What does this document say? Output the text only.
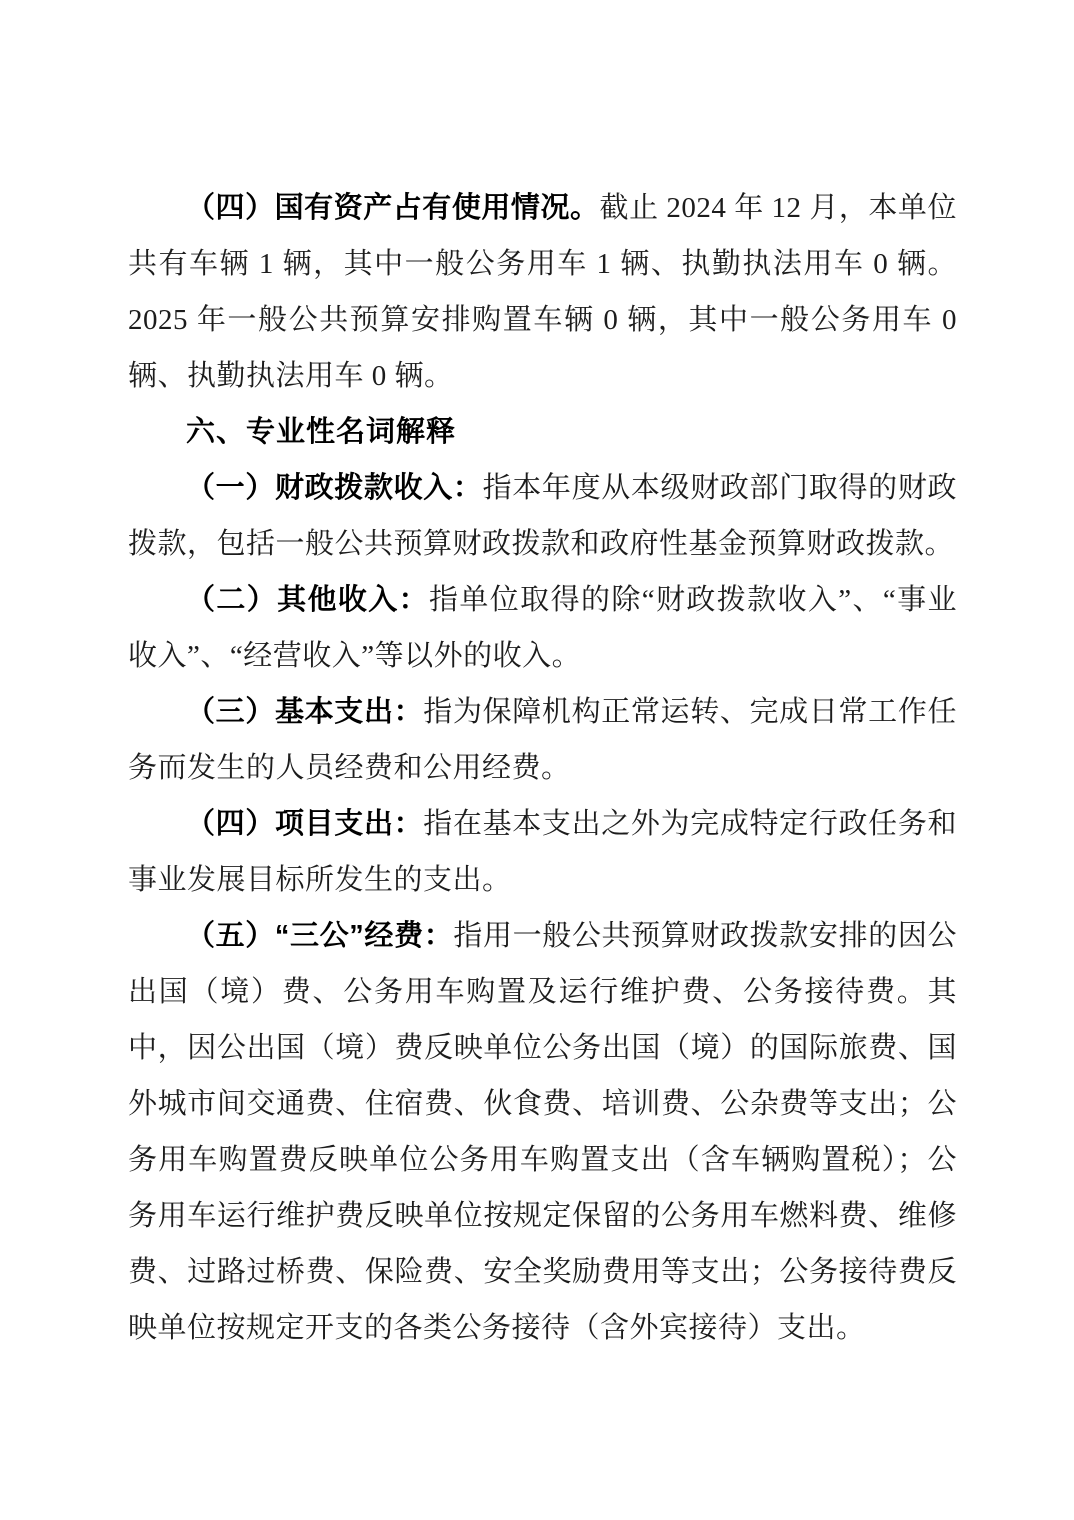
（四）国有资产占有使用情况。截止 2024 年 12 月，本单位共有车辆 1 辆，其中一般公务用车 1 辆、执勤执法用车 0 辆。2025 年一般公共预算安排购置车辆 0 辆，其中一般公务用车 0 辆、执勤执法用车 0 辆。

六、专业性名词解释

（一）财政拨款收入：指本年度从本级财政部门取得的财政拨款，包括一般公共预算财政拨款和政府性基金预算财政拨款。

（二）其他收入：指单位取得的除“财政拨款收入”、“事业收入”、“经营收入”等以外的收入。

（三）基本支出：指为保障机构正常运转、完成日常工作任务而发生的人员经费和公用经费。

（四）项目支出：指在基本支出之外为完成特定行政任务和事业发展目标所发生的支出。

（五）“三公”经费：指用一般公共预算财政拨款安排的因公出国（境）费、公务用车购置及运行维护费、公务接待费。其中，因公出国（境）费反映单位公务出国（境）的国际旅费、国外城市间交通费、住宿费、伙食费、培训费、公杂费等支出；公务用车购置费反映单位公务用车购置支出（含车辆购置税）；公务用车运行维护费反映单位按规定保留的公务用车燃料费、维修费、过路过桥费、保险费、安全奖励费用等支出；公务接待费反映单位按规定开支的各类公务接待（含外宾接待）支出。
